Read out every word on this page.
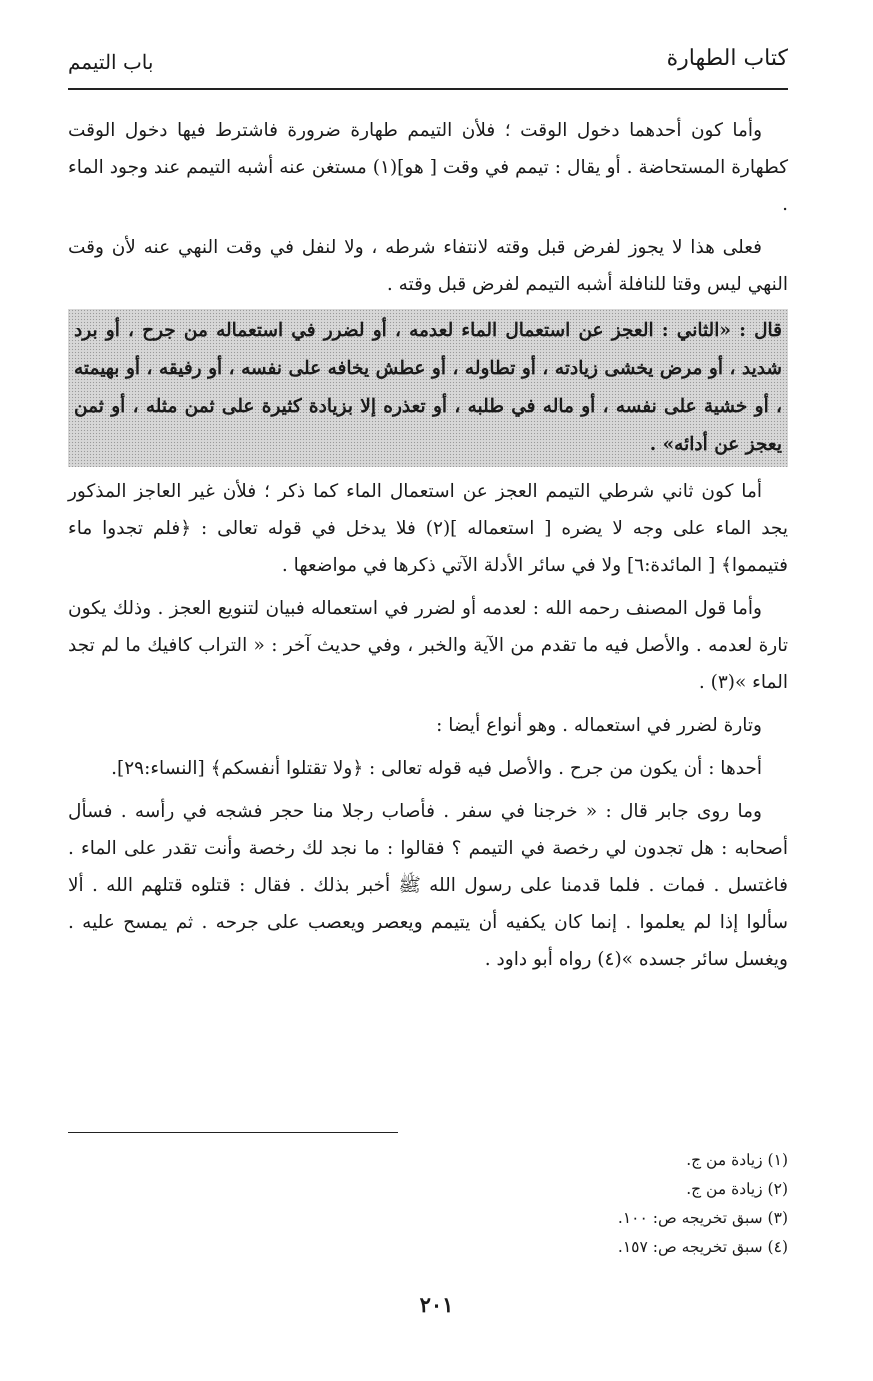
كتاب الطهارة
باب التيمم

وأما كون أحدهما دخول الوقت ؛ فلأن التيمم طهارة ضرورة فاشترط فيها دخول الوقت كطهارة المستحاضة . أو يقال : تيمم في وقت [ هو](١) مستغن عنه أشبه التيمم عند وجود الماء .

فعلى هذا لا يجوز لفرض قبل وقته لانتفاء شرطه ، ولا لنفل في وقت النهي عنه لأن وقت النهي ليس وقتا للنافلة أشبه التيمم لفرض قبل وقته .

قال : «الثاني : العجز عن استعمال الماء لعدمه ، أو لضرر في استعماله من جرح ، أو برد شديد ، أو مرض يخشى زيادته ، أو تطاوله ، أو عطش يخافه على نفسه ، أو رفيقه ، أو بهيمته ، أو خشية على نفسه ، أو ماله في طلبه ، أو تعذره إلا بزيادة كثيرة على ثمن مثله ، أو ثمن يعجز عن أدائه» .

أما كون ثاني شرطي التيمم العجز عن استعمال الماء كما ذكر ؛ فلأن غير العاجز المذكور يجد الماء على وجه لا يضره [ استعماله ](٢) فلا يدخل في قوله تعالى : ﴿فلم تجدوا ماء فتيمموا﴾ [ المائدة:٦] ولا في سائر الأدلة الآتي ذكرها في مواضعها .

وأما قول المصنف رحمه الله : لعدمه أو لضرر في استعماله فبيان لتنويع العجز . وذلك يكون تارة لعدمه . والأصل فيه ما تقدم من الآية والخبر ، وفي حديث آخر : « التراب كافيك ما لم تجد الماء »(٣) .

وتارة لضرر في استعماله . وهو أنواع أيضا :

أحدها : أن يكون من جرح . والأصل فيه قوله تعالى : ﴿ولا تقتلوا أنفسكم﴾ [النساء:٢٩].

وما روى جابر قال : « خرجنا في سفر . فأصاب رجلا منا حجر فشجه في رأسه . فسأل أصحابه : هل تجدون لي رخصة في التيمم ؟ فقالوا : ما نجد لك رخصة وأنت تقدر على الماء . فاغتسل . فمات . فلما قدمنا على رسول الله ﷺ أخبر بذلك . فقال : قتلوه قتلهم الله . ألا سألوا إذا لم يعلموا . إنما كان يكفيه أن يتيمم ويعصر ويعصب على جرحه . ثم يمسح عليه . ويغسل سائر جسده »(٤) رواه أبو داود .

(١) زيادة من ج.
(٢) زيادة من ج.
(٣) سبق تخريجه ص: ١٠٠.
(٤) سبق تخريجه ص: ١٥٧.
٢٠١
